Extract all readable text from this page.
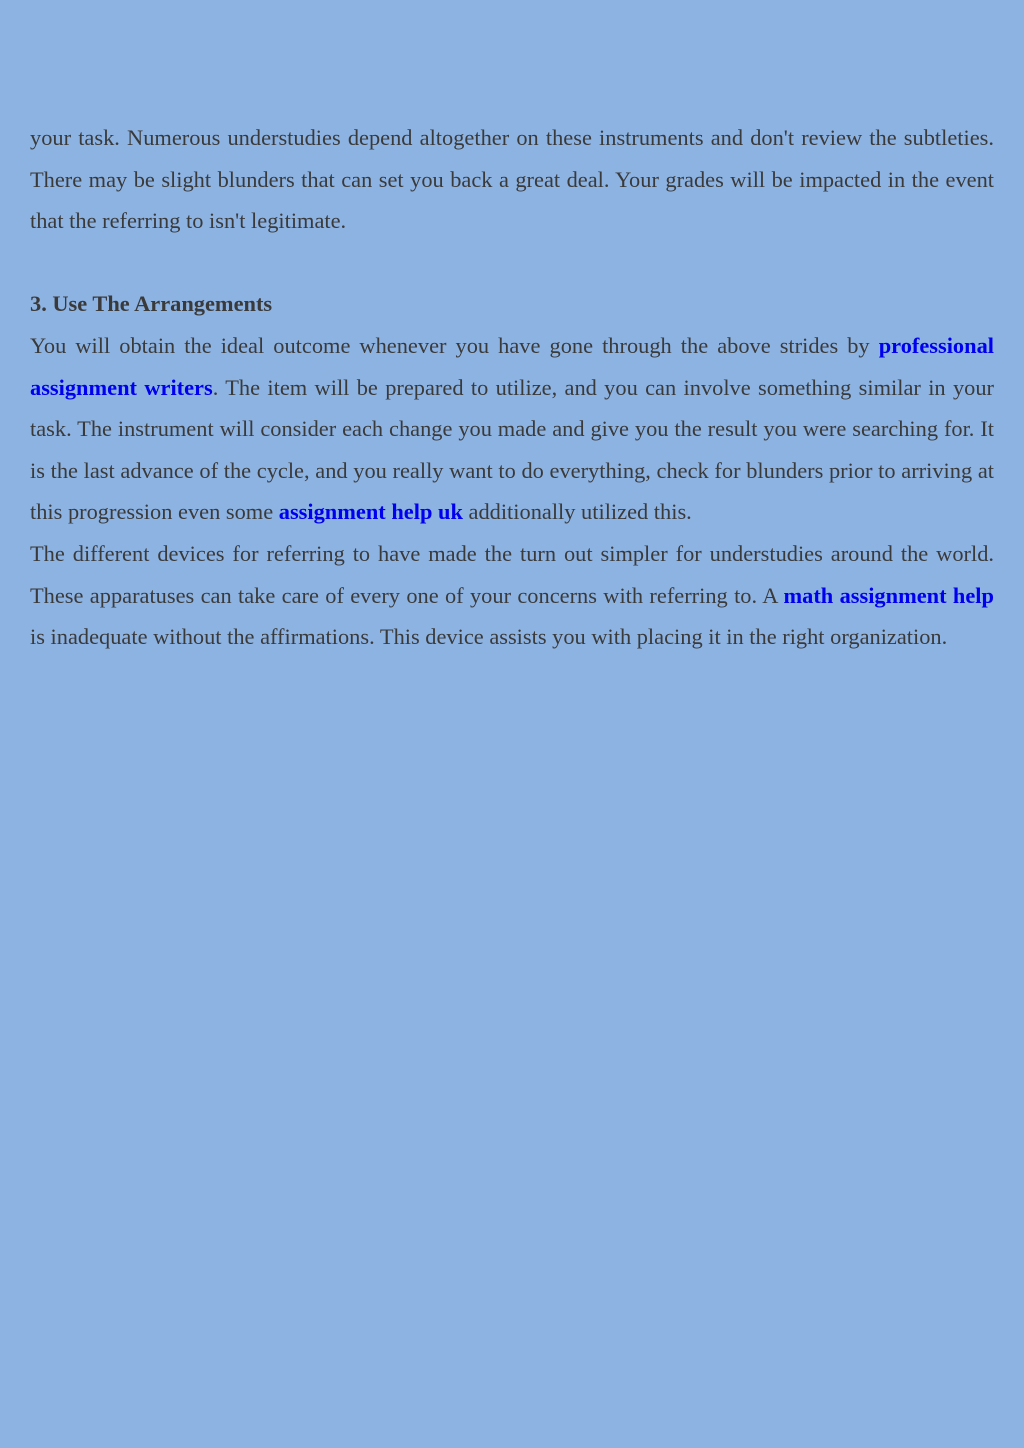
your task. Numerous understudies depend altogether on these instruments and don't review the subtleties. There may be slight blunders that can set you back a great deal. Your grades will be impacted in the event that the referring to isn't legitimate.

3. Use The Arrangements

You will obtain the ideal outcome whenever you have gone through the above strides by professional assignment writers. The item will be prepared to utilize, and you can involve something similar in your task. The instrument will consider each change you made and give you the result you were searching for. It is the last advance of the cycle, and you really want to do everything, check for blunders prior to arriving at this progression even some assignment help uk additionally utilized this.

The different devices for referring to have made the turn out simpler for understudies around the world. These apparatuses can take care of every one of your concerns with referring to. A math assignment help is inadequate without the affirmations. This device assists you with placing it in the right organization.
